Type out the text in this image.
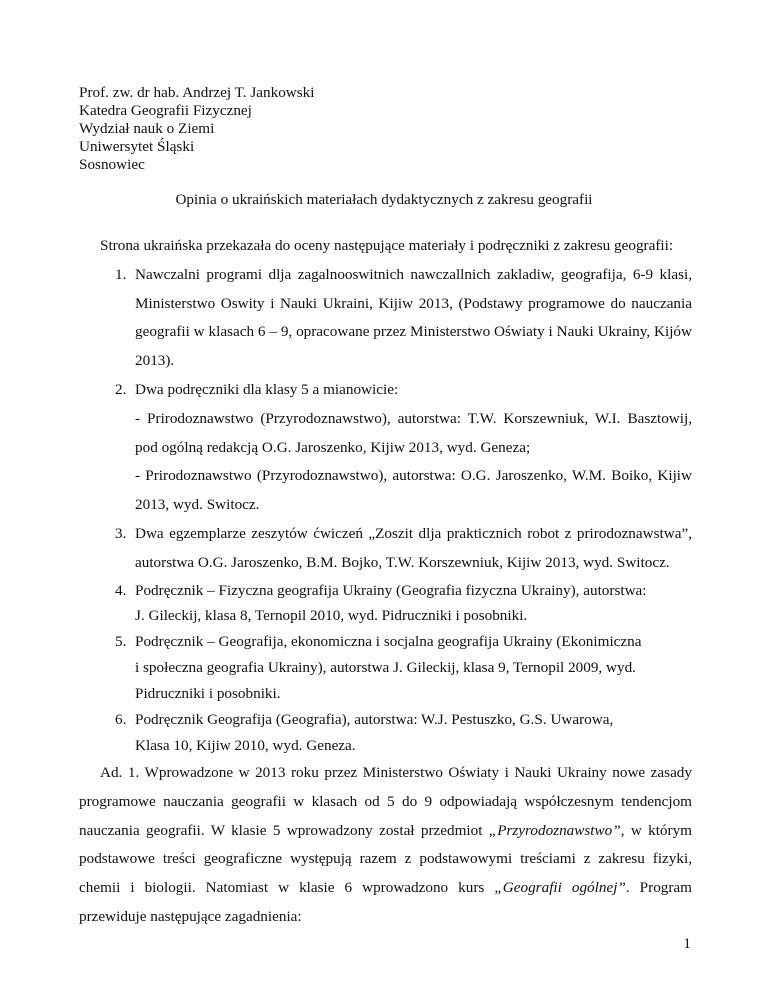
Prof. zw. dr hab. Andrzej T. Jankowski
Katedra Geografii Fizycznej
Wydział nauk o Ziemi
Uniwersytet Śląski
Sosnowiec
Opinia o ukraińskich materiałach dydaktycznych z zakresu geografii

Strona ukraińska przekazała do oceny następujące materiały i podręczniki z zakresu geografii:

1. Nawczalni programi dlja zagalnooswitnich nawczallnich zakladiw, geografija, 6-9 klasi, Ministerstwo Oswity i Nauki Ukraini, Kijiw 2013, (Podstawy programowe do nauczania geografii w klasach 6 – 9, opracowane przez Ministerstwo Oświaty i Nauki Ukrainy, Kijów 2013).
2. Dwa podręczniki dla klasy 5 a mianowicie:
- Prirodoznawstwo (Przyrodoznawstwo), autorstwa: T.W. Korszewniuk, W.I. Basztowij, pod ogólną redakcją O.G. Jaroszenko, Kijiw 2013, wyd. Geneza;
- Prirodoznawstwo (Przyrodoznawstwo), autorstwa: O.G. Jaroszenko, W.M. Boiko, Kijiw 2013, wyd. Switocz.
3. Dwa egzemplarze zeszytów ćwiczeń „Zoszit dlja prakticznich robot z prirodoznawstwa”, autorstwa O.G. Jaroszenko, B.M. Bojko, T.W. Korszewniuk, Kijiw 2013, wyd. Switocz.
4. Podręcznik – Fizyczna geografija Ukrainy (Geografia fizyczna Ukrainy), autorstwa:
J. Gileckij, klasa 8, Ternopil 2010, wyd. Pidruczniki i posobniki.
5. Podręcznik – Geografija, ekonomiczna i socjalna geografija Ukrainy (Ekonimiczna
i społeczna geografia Ukrainy), autorstwa J. Gileckij, klasa 9, Ternopil 2009, wyd.
Pidruczniki i posobniki.
6. Podręcznik Geografija (Geografia), autorstwa: W.J. Pestuszko, G.S. Uwarowa,
Klasa 10, Kijiw 2010, wyd. Geneza.

Ad. 1. Wprowadzone w 2013 roku przez Ministerstwo Oświaty i Nauki Ukrainy nowe zasady programowe nauczania geografii w klasach od 5 do 9 odpowiadają współczesnym tendencjom nauczania geografii. W klasie 5 wprowadzony został przedmiot „Przyrodoznawstwo”, w którym podstawowe treści geograficzne występują razem z podstawowymi treściami z zakresu fizyki, chemii i biologii. Natomiast w klasie 6 wprowadzono kurs „Geografii ogólnej”. Program przewiduje następujące zagadnienia:

1
